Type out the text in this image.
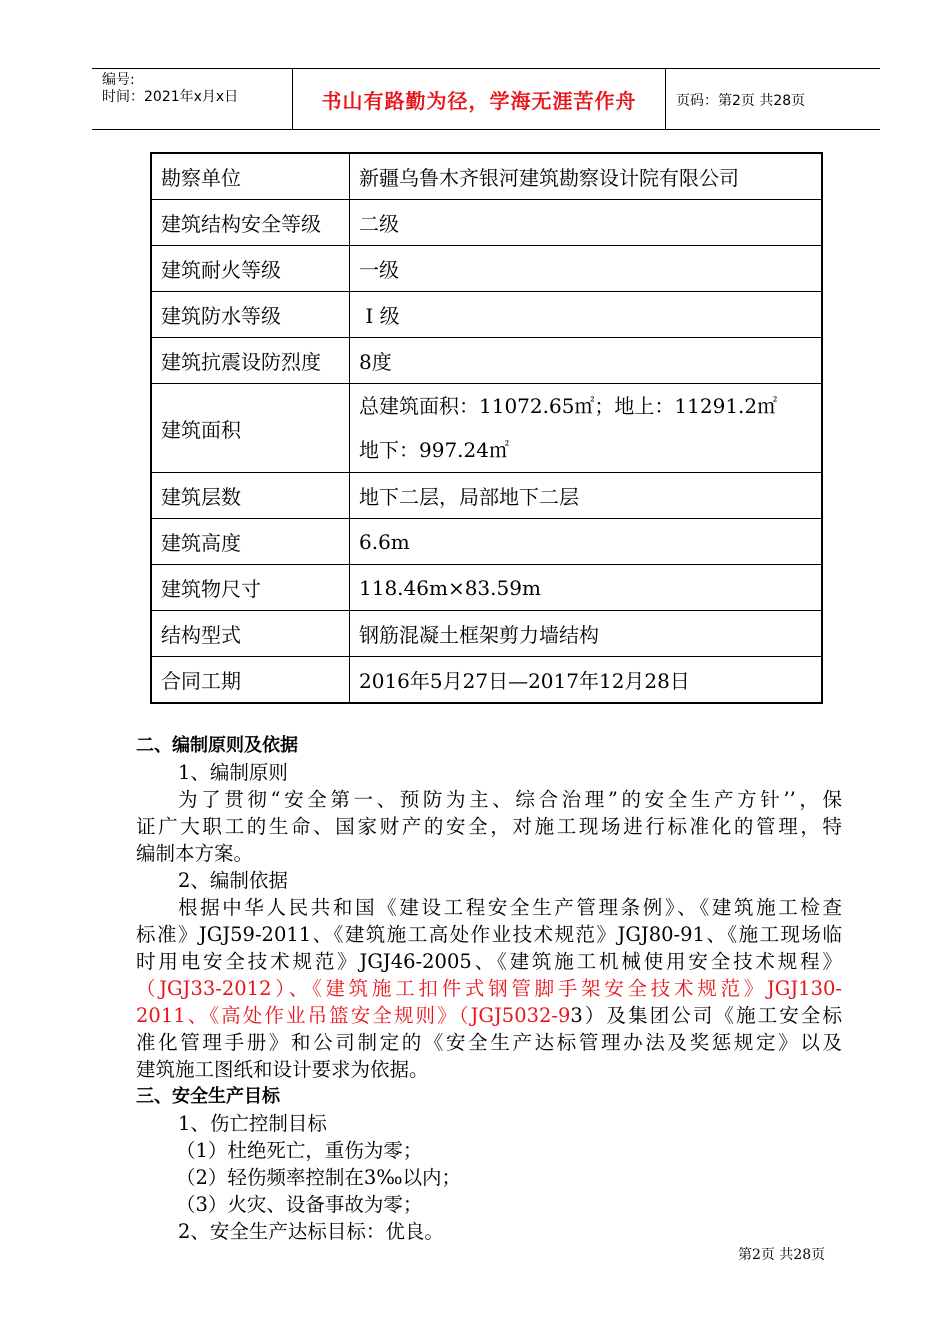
编号:
时间：2021年x月x日	书山有路勤为径，学海无涯苦作舟	页码：第2页 共28页
勘察单位	新疆乌鲁木齐银河建筑勘察设计院有限公司
建筑结构安全等级	二级
建筑耐火等级	一级
建筑防水等级	Ⅰ 级
建筑抗震设防烈度	8度
建筑面积	总建筑面积：11072.65㎡；地上：11291.2㎡
地下：997.24㎡

建筑层数	地下二层，局部地下二层
建筑高度	6.6m
建筑物尺寸	118.46m×83.59m
结构型式	钢筋混凝土框架剪力墙结构
合同工期	2016年5月27日—2017年12月28日

二、编制原则及依据

1、编制原则

为了贯彻“安全第一、预防为主、综合治理”的安全生产方针’’，保

证广大职工的生命、国家财产的安全，对施工现场进行标准化的管理，特

编制本方案。

2、编制依据

根据中华人民共和国《建设工程安全生产管理条例》、《建筑施工检查

标准》JGJ59-2011、《建筑施工高处作业技术规范》JGJ80-91、《施工现场临

时用电安全技术规范》JGJ46-2005、《建筑施工机械使用安全技术规程》

（JGJ33-2012）、《建筑施工扣件式钢管脚手架安全技术规范》JGJ130-

2011、《高处作业吊篮安全规则》（JGJ5032-93）及集团公司《施工安全标

准化管理手册》和公司制定的《安全生产达标管理办法及奖惩规定》以及

建筑施工图纸和设计要求为依据。

三、安全生产目标

1、伤亡控制目标

（1）杜绝死亡，重伤为零；

（2）轻伤频率控制在3‰以内；

（3）火灾、设备事故为零；

2、安全生产达标目标：优良。

第2页 共28页
